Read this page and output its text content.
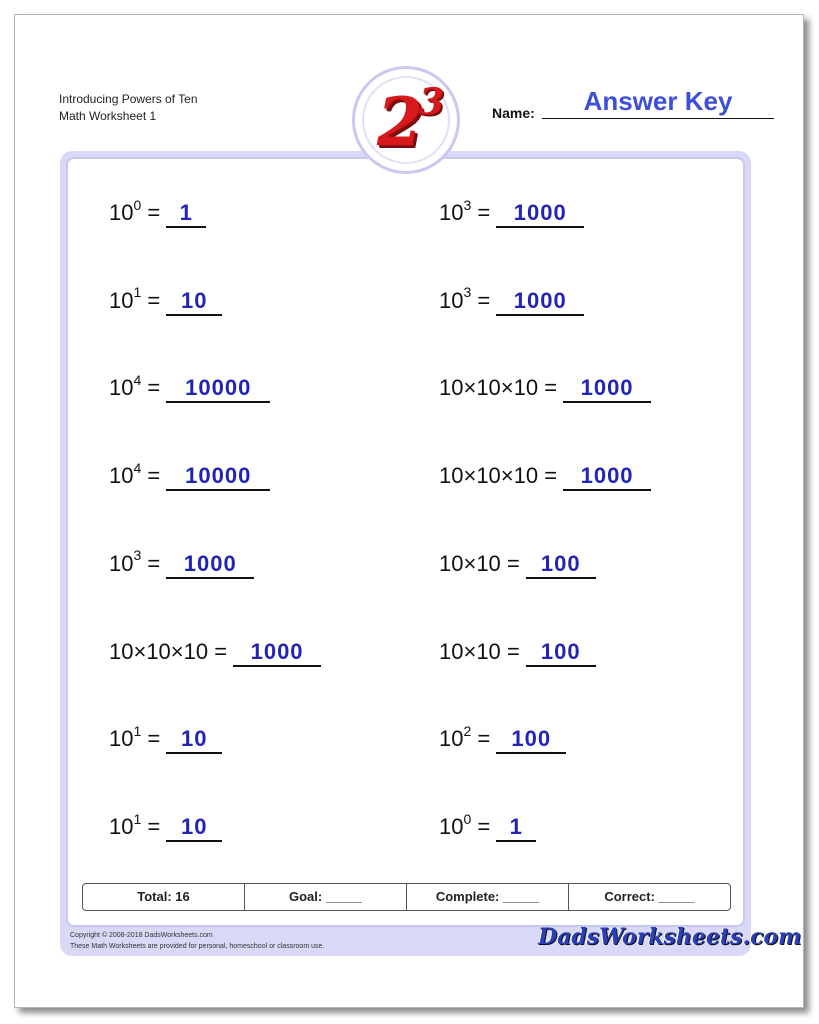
Introducing Powers of Ten
Math Worksheet 1	Name:	Answer Key
2
3
$10^0 = 1$
$10^1 = 10$
$10^4 = 10000$
$10^4 = 10000$
$10^3 = 1000$
10×10×10 = 1000
$10^1 = 10$
$10^1 = 10$
$10^3 = 1000$
$10^3 = 1000$
10×10×10 = 1000
10×10×10 = 1000
10×10 = 100
10×10 = 100
$10^2 = 100$
$10^0 = 1$
Total: 16	Goal: _____	Complete: _____	Correct: _____
Copyright © 2008-2018 DadsWorksheets.com
These Math Worksheets are provided for personal, homeschool or classroom use.	DadsWorksheets.com
